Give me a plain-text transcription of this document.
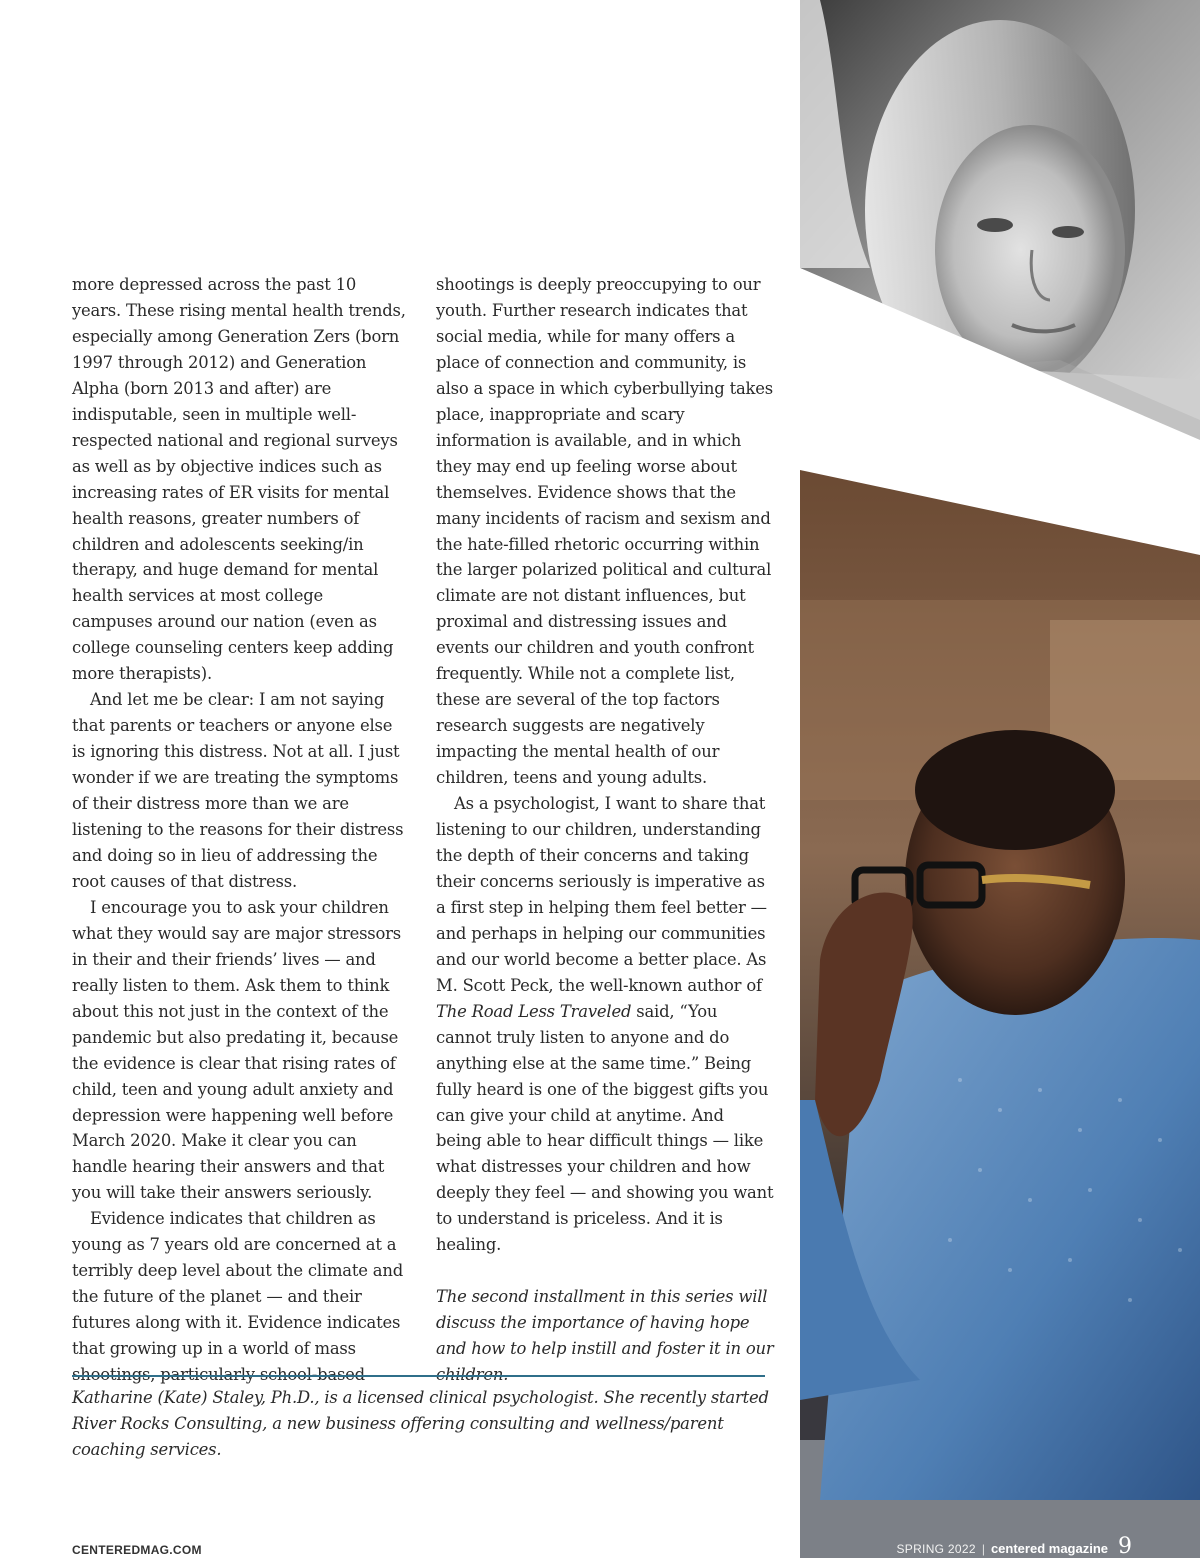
more depressed across the past 10 years. These rising mental health trends, especially among Generation Zers (born 1997 through 2012) and Generation Alpha (born 2013 and after) are indisputable, seen in multiple well-respected national and regional surveys as well as by objective indices such as increasing rates of ER visits for mental health reasons, greater numbers of children and adolescents seeking/in therapy, and huge demand for mental health services at most college campuses around our nation (even as college counseling centers keep adding more therapists).

And let me be clear: I am not saying that parents or teachers or anyone else is ignoring this distress. Not at all. I just wonder if we are treating the symptoms of their distress more than we are listening to the reasons for their distress and doing so in lieu of addressing the root causes of that distress.

I encourage you to ask your children what they would say are major stressors in their and their friends’ lives — and really listen to them. Ask them to think about this not just in the context of the pandemic but also predating it, because the evidence is clear that rising rates of child, teen and young adult anxiety and depression were happening well before March 2020. Make it clear you can handle hearing their answers and that you will take their answers seriously.

Evidence indicates that children as young as 7 years old are concerned at a terribly deep level about the climate and the future of the planet — and their futures along with it. Evidence indicates that growing up in a world of mass shootings, particularly school-based

shootings is deeply preoccupying to our youth. Further research indicates that social media, while for many offers a place of connection and community, is also a space in which cyberbullying takes place, inappropriate and scary information is available, and in which they may end up feeling worse about themselves. Evidence shows that the many incidents of racism and sexism and the hate-filled rhetoric occurring within the larger polarized political and cultural climate are not distant influences, but proximal and distressing issues and events our children and youth confront frequently. While not a complete list, these are several of the top factors research suggests are negatively impacting the mental health of our children, teens and young adults.

As a psychologist, I want to share that listening to our children, understanding the depth of their concerns and taking their concerns seriously is imperative as a first step in helping them feel better — and perhaps in helping our communities and our world become a better place. As M. Scott Peck, the well-known author of The Road Less Traveled said, “You cannot truly listen to anyone and do anything else at the same time.” Being fully heard is one of the biggest gifts you can give your child at anytime. And being able to hear difficult things — like what distresses your children and how deeply they feel — and showing you want to understand is priceless. And it is healing.

The second installment in this series will discuss the importance of having hope and how to help instill and foster it in our children.

Katharine (Kate) Staley, Ph.D., is a licensed clinical psychologist. She recently started River Rocks Consulting, a new business offering consulting and wellness/parent coaching services.
CENTEREDMAG.COM	SPRING 2022 | centered magazine 9
